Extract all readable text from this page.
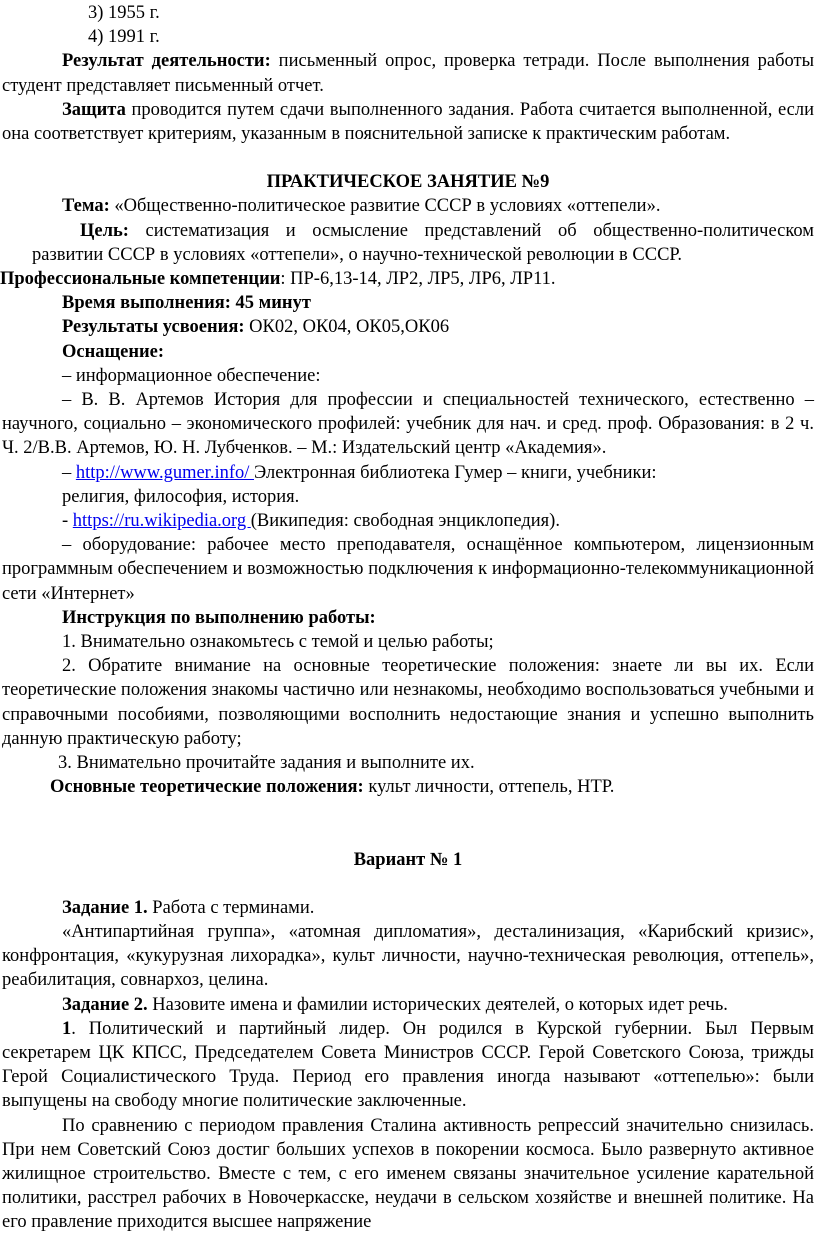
3) 1955 г.

4) 1991 г.

Результат деятельности: письменный опрос, проверка тетради. После выполнения работы студент представляет письменный отчет.

Защита проводится путем сдачи выполненного задания. Работа считается выполненной, если она соответствует критериям, указанным в пояснительной записке к практическим работам.

ПРАКТИЧЕСКОЕ ЗАНЯТИЕ №9

Тема: «Общественно-политическое развитие СССР в условиях «оттепели».

Цель: систематизация и осмысление представлений об общественно-политическом развитии СССР в условиях «оттепели», о научно-технической революции в СССР.

Профессиональные компетенции: ПР-6,13-14, ЛР2, ЛР5, ЛР6, ЛР11.

Время выполнения: 45 минут

Результаты усвоения: ОК02, ОК04, ОК05,ОК06

Оснащение:

– информационное обеспечение:

– В. В. Артемов История для профессии и специальностей технического, естественно – научного, социально – экономического профилей: учебник для нач. и сред. проф. Образования: в 2 ч. Ч. 2/В.В. Артемов, Ю. Н. Лубченков. – М.: Издательский центр «Академия».

– http://www.gumer.info/ Электронная библиотека Гумер – книги, учебники:

религия, философия, история.

- https://ru.wikipedia.org (Википедия: свободная энциклопедия).

– оборудование: рабочее место преподавателя, оснащённое компьютером, лицензионным программным обеспечением и возможностью подключения к информационно-телекоммуникационной сети «Интернет»

Инструкция по выполнению работы:

1. Внимательно ознакомьтесь с темой и целью работы;

2. Обратите внимание на основные теоретические положения: знаете ли вы их. Если теоретические положения знакомы частично или незнакомы, необходимо воспользоваться учебными и справочными пособиями, позволяющими восполнить недостающие знания и успешно выполнить данную практическую работу;

3. Внимательно прочитайте задания и выполните их.

Основные теоретические положения: культ личности, оттепель, НТР.

Вариант № 1

Задание 1. Работа с терминами.

«Антипартийная группа», «атомная дипломатия», десталинизация, «Карибский кризис», конфронтация, «кукурузная лихорадка», культ личности, научно-техническая революция, оттепель», реабилитация, совнархоз, целина.

Задание 2. Назовите имена и фамилии исторических деятелей, о которых идет речь.

1. Политический и партийный лидер. Он родился в Курской губернии. Был Первым секретарем ЦК КПСС, Председателем Совета Министров СССР. Герой Советского Союза, трижды Герой Социалистического Труда. Период его правления иногда называют «оттепелью»: были выпущены на свободу многие политические заключенные.

По сравнению с периодом правления Сталина активность репрессий значительно снизилась. При нем Советский Союз достиг больших успехов в покорении космоса. Было развернуто активное жилищное строительство. Вместе с тем, с его именем связаны значительное усиление карательной политики, расстрел рабочих в Новочеркасске, неудачи в сельском хозяйстве и внешней политике. На его правление приходится высшее напряжение
